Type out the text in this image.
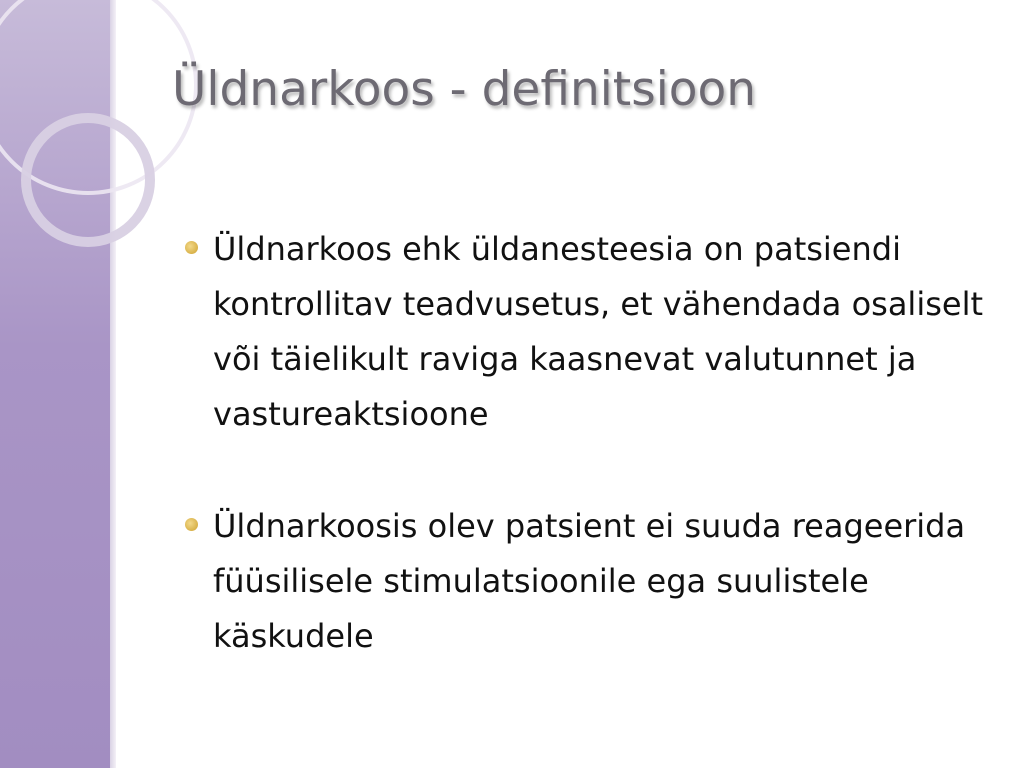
Üldnarkoos - definitsioon
Üldnarkoos ehk üldanesteesia on patsiendi kontrollitav teadvusetus, et vähendada osaliselt või täielikult raviga kaasnevat valutunnet ja vastureaktsioone
Üldnarkoosis olev patsient ei suuda reageerida füüsilisele stimulatsioonile ega suulistele käskudele
